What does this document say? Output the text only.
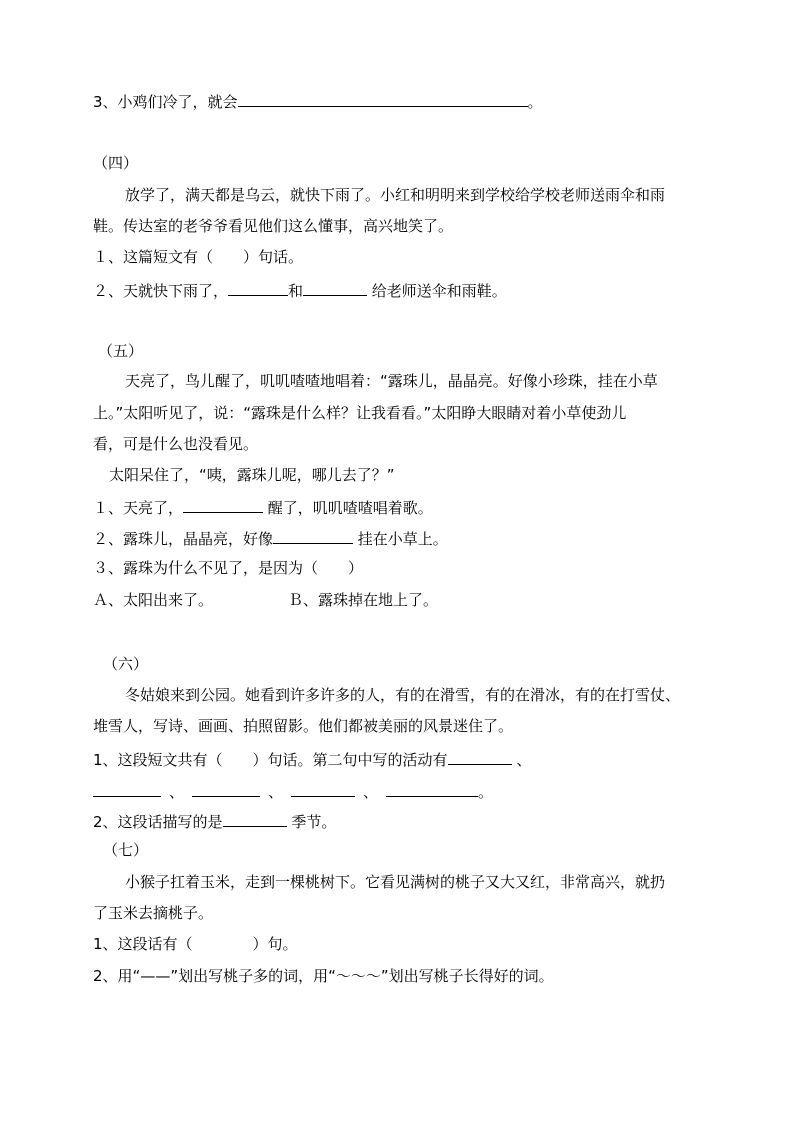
3、小鸡们冷了，就会	。
（四）
放学了，满天都是乌云，就快下雨了。小红和明明来到学校给学校老师送雨伞和雨
鞋。传达室的老爷爷看见他们这么懂事，高兴地笑了。
１、这篇短文有（　　）句话。
２、天就快下雨了，	和	给老师送伞和雨鞋。
（五）
天亮了，鸟儿醒了，叽叽喳喳地唱着：“露珠儿，晶晶亮。好像小珍珠，挂在小草
上。”太阳听见了，说：“露珠是什么样？让我看看。”太阳睁大眼睛对着小草使劲儿
看，可是什么也没看见。
太阳呆住了，“咦，露珠儿呢，哪儿去了？”
１、天亮了，	醒了，叽叽喳喳唱着歌。
２、露珠儿，晶晶亮，好像	挂在小草上。
３、露珠为什么不见了，是因为（　　）
Ａ、太阳出来了。	Ｂ、露珠掉在地上了。
（六）
冬姑娘来到公园。她看到许多许多的人，有的在滑雪，有的在滑冰，有的在打雪仗、
堆雪人，写诗、画画、拍照留影。他们都被美丽的风景迷住了。
1、这段短文共有（　　）句话。第二句中写的活动有	、
、	、	、	。
2、这段话描写的是	季节。
（七）
小猴子扛着玉米，走到一棵桃树下。它看见满树的桃子又大又红，非常高兴，就扔
了玉米去摘桃子。
1、这段话有（　　　　）句。
2、用“——”划出写桃子多的词，用“～～～”划出写桃子长得好的词。
